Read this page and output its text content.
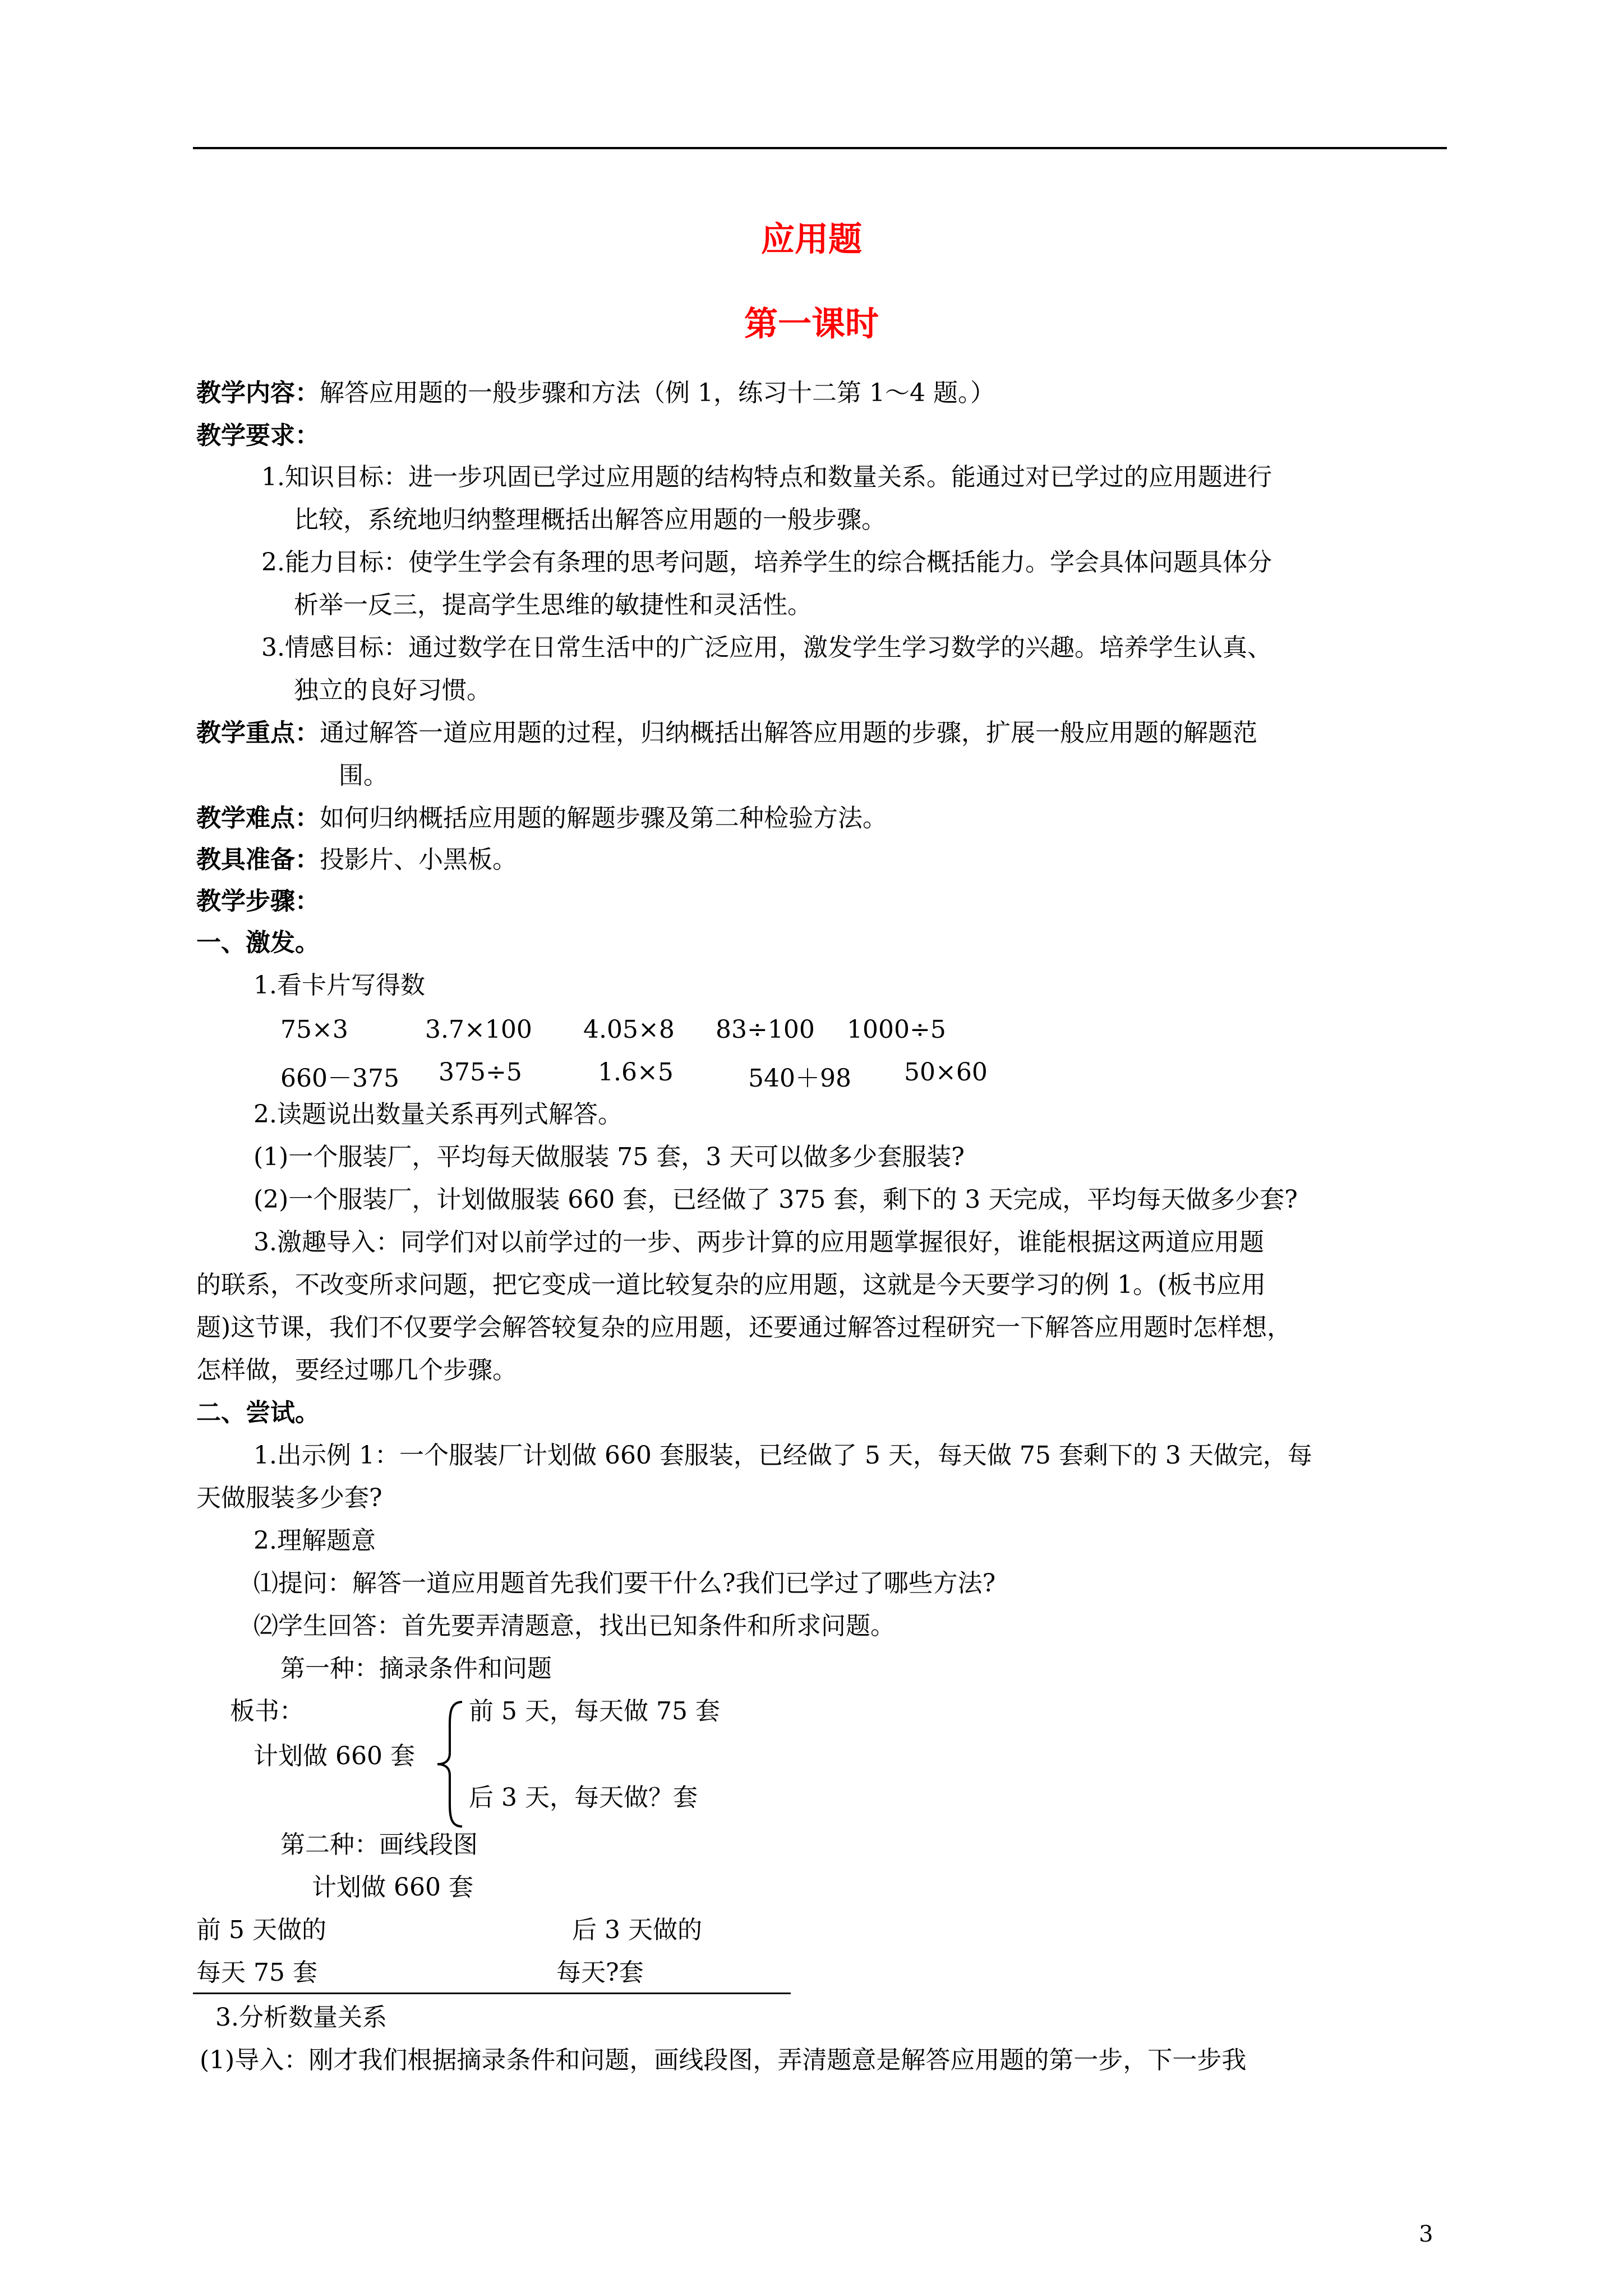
应用题
第一课时
教学内容：解答应用题的一般步骤和方法（例 1，练习十二第 1～4 题。）
教学要求：
1.知识目标：进一步巩固已学过应用题的结构特点和数量关系。能通过对已学过的应用题进行
比较，系统地归纳整理概括出解答应用题的一般步骤。
2.能力目标：使学生学会有条理的思考问题，培养学生的综合概括能力。学会具体问题具体分
析举一反三，提高学生思维的敏捷性和灵活性。
3.情感目标：通过数学在日常生活中的广泛应用，激发学生学习数学的兴趣。培养学生认真、
独立的良好习惯。
教学重点：通过解答一道应用题的过程，归纳概括出解答应用题的步骤，扩展一般应用题的解题范
围。
教学难点：如何归纳概括应用题的解题步骤及第二种检验方法。
教具准备：投影片、小黑板。
教学步骤：
一、激发。
1.看卡片写得数
75×3	3.7×100 4.05×8 83÷100 1000÷5
660－375 375÷5	1.6×5	540＋98 50×60
2.读题说出数量关系再列式解答。
(1)一个服装厂，平均每天做服装 75 套，3 天可以做多少套服装?
(2)一个服装厂，计划做服装 660 套，已经做了 375 套，剩下的 3 天完成，平均每天做多少套?
3.激趣导入：同学们对以前学过的一步、两步计算的应用题掌握很好，谁能根据这两道应用题
的联系，不改变所求问题，把它变成一道比较复杂的应用题，这就是今天要学习的例 1。(板书应用
题)这节课，我们不仅要学会解答较复杂的应用题，还要通过解答过程研究一下解答应用题时怎样想，
怎样做，要经过哪几个步骤。
二、尝试。
1.出示例 1：一个服装厂计划做 660 套服装，已经做了 5 天，每天做 75 套剩下的 3 天做完，每
天做服装多少套?
2.理解题意
⑴提问：解答一道应用题首先我们要干什么?我们已学过了哪些方法?
⑵学生回答：首先要弄清题意，找出已知条件和所求问题。
第一种：摘录条件和问题
板书：	前 5 天，每天做 75 套
计划做 660 套
后 3 天，每天做？套
第二种：画线段图
计划做 660 套
前 5 天做的	后 3 天做的
每天 75 套	每天?套
3.分析数量关系
(1)导入：刚才我们根据摘录条件和问题，画线段图，弄清题意是解答应用题的第一步，下一步我
3
